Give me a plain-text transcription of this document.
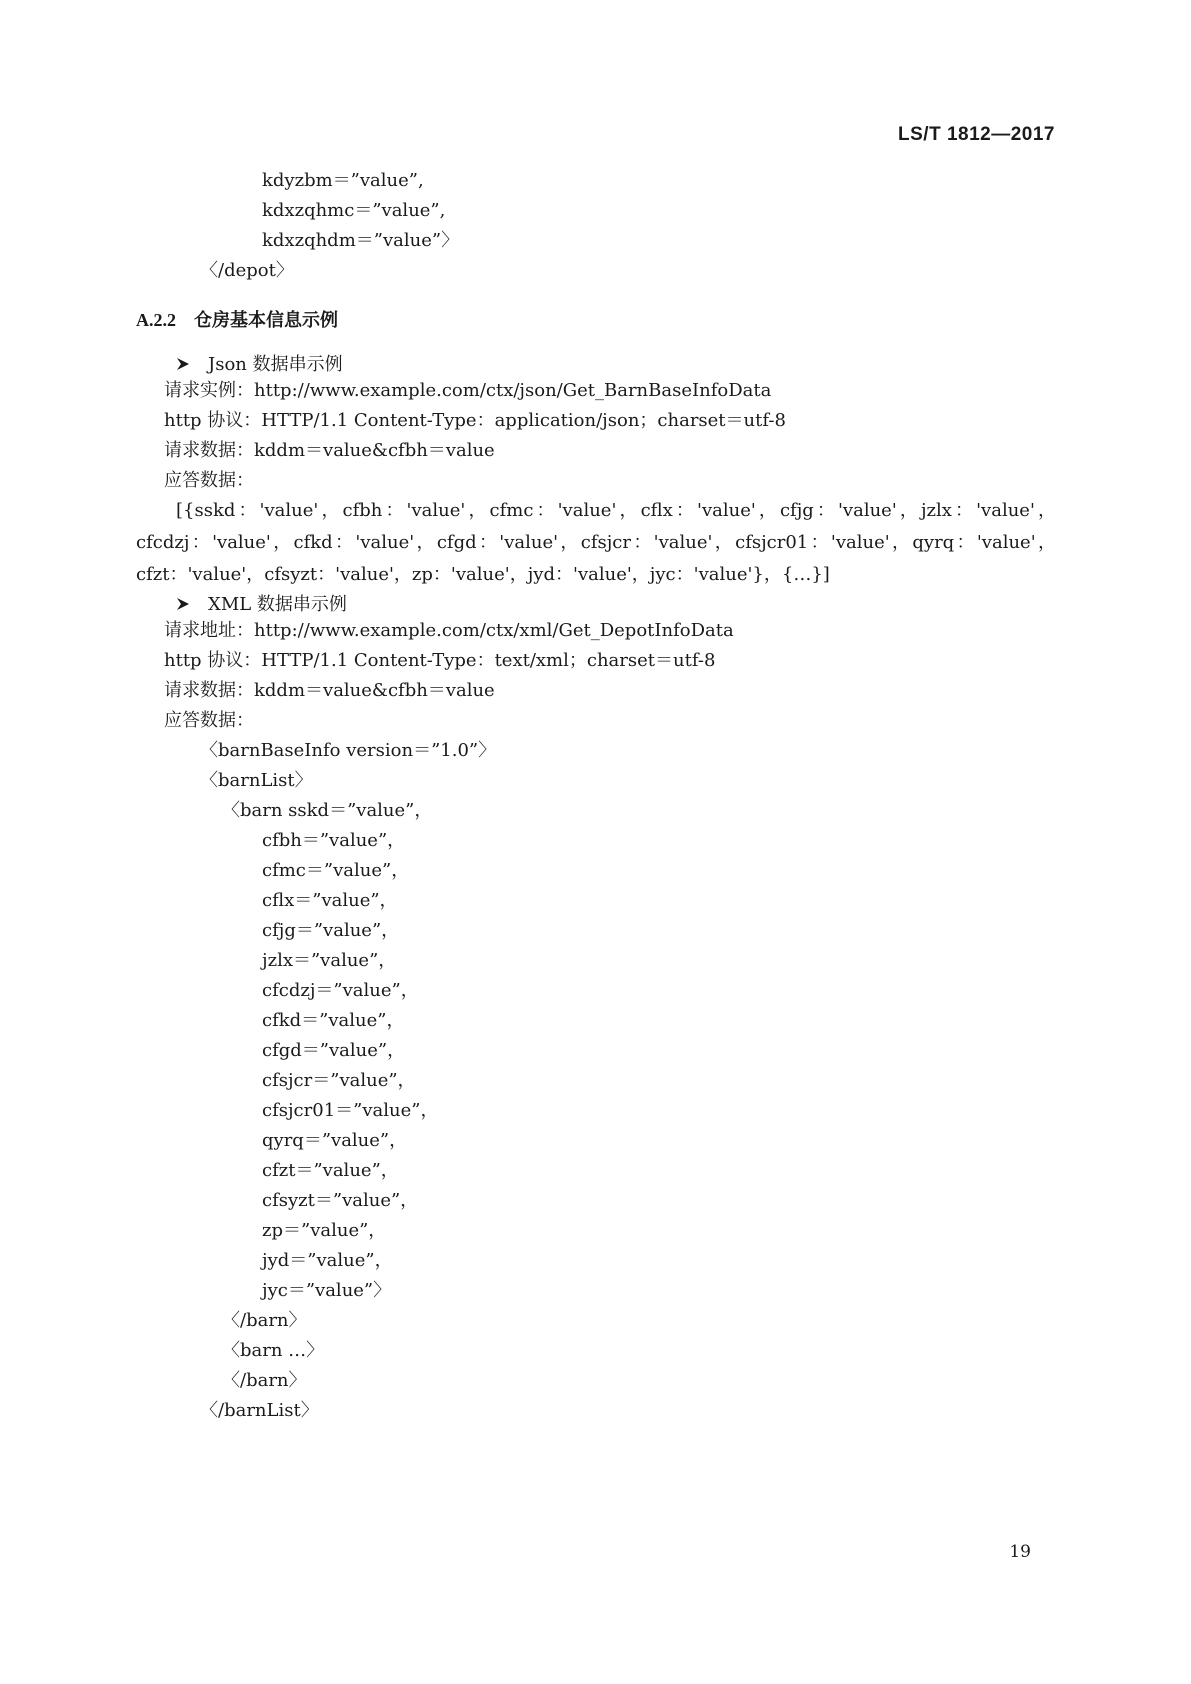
LS/T 1812—2017
kdyzbm＝”value”,
kdxzqhmc＝”value”,
kdxzqhdm＝”value”〉
〈/depot〉
A.2.2 仓房基本信息示例
Json 数据串示例
请求实例：http://www.example.com/ctx/json/Get_BarnBaseInfoData
http 协议：HTTP/1.1 Content-Type：application/json；charset＝utf-8
请求数据：kddm＝value&cfbh＝value
应答数据：
[{sskd：'value'，cfbh：'value'，cfmc：'value'，cflx：'value'，cfjg：'value'，jzlx：'value'，cfcdzj：'value'，cfkd：'value'，cfgd：'value'，cfsjcr：'value'，cfsjcr01：'value'，qyrq：'value'，cfzt：'value'，cfsyzt：'value'，zp：'value'，jyd：'value'，jyc：'value'}，{…}]
XML 数据串示例
请求地址：http://www.example.com/ctx/xml/Get_DepotInfoData
http 协议：HTTP/1.1 Content-Type：text/xml；charset＝utf-8
请求数据：kddm＝value&cfbh＝value
应答数据：
〈barnBaseInfo version＝”1.0”〉
〈barnList〉
〈barn sskd＝”value”，
cfbh＝”value”，
cfmc＝”value”，
cflx＝”value”，
cfjg＝”value”，
jzlx＝”value”，
cfcdzj＝”value”，
cfkd＝”value”，
cfgd＝”value”，
cfsjcr＝”value”，
cfsjcr01＝”value”，
qyrq＝”value”，
cfzt＝”value”，
cfsyzt＝”value”，
zp＝”value”，
jyd＝”value”，
jyc＝”value”〉
〈/barn〉
〈barn …〉
〈/barn〉
〈/barnList〉
19
